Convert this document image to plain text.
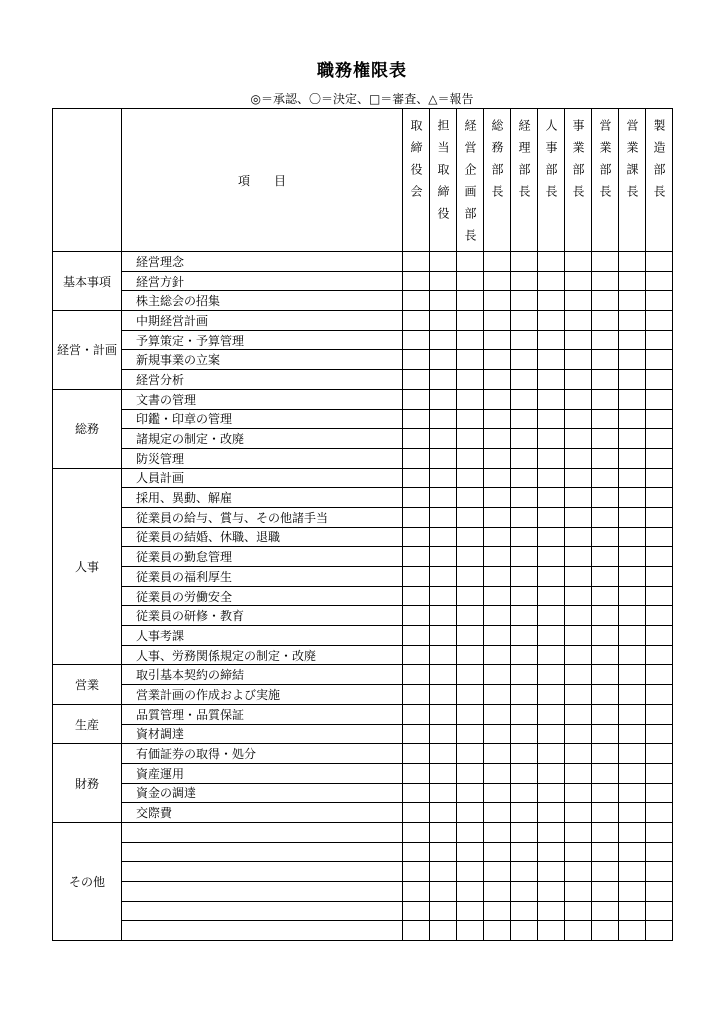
職務権限表
◎＝承認、〇＝決定、□＝審査、△＝報告
	項　　目	取締役会	担当取締役	経営企画部長	総務部長	経理部長	人事部長	事業部長	営業部長	営業課長	製造部長

基本事項	経営理念										
	経営方針										
	株主総会の招集										
経営・計画	中期経営計画										
	予算策定・予算管理										
	新規事業の立案										
	経営分析										
総務	文書の管理										
	印鑑・印章の管理										
	諸規定の制定・改廃										
	防災管理										
人事	人員計画										
	採用、異動、解雇										
	従業員の給与、賞与、その他諸手当										
	従業員の結婚、休職、退職										
	従業員の勤怠管理										
	従業員の福利厚生										
	従業員の労働安全										
	従業員の研修・教育										
	人事考課										
	人事、労務関係規定の制定・改廃										
営業	取引基本契約の締結										
	営業計画の作成および実施										
生産	品質管理・品質保証										
	資材調達										
財務	有価証券の取得・処分										
	資産運用										
	資金の調達										
	交際費										
その他											
